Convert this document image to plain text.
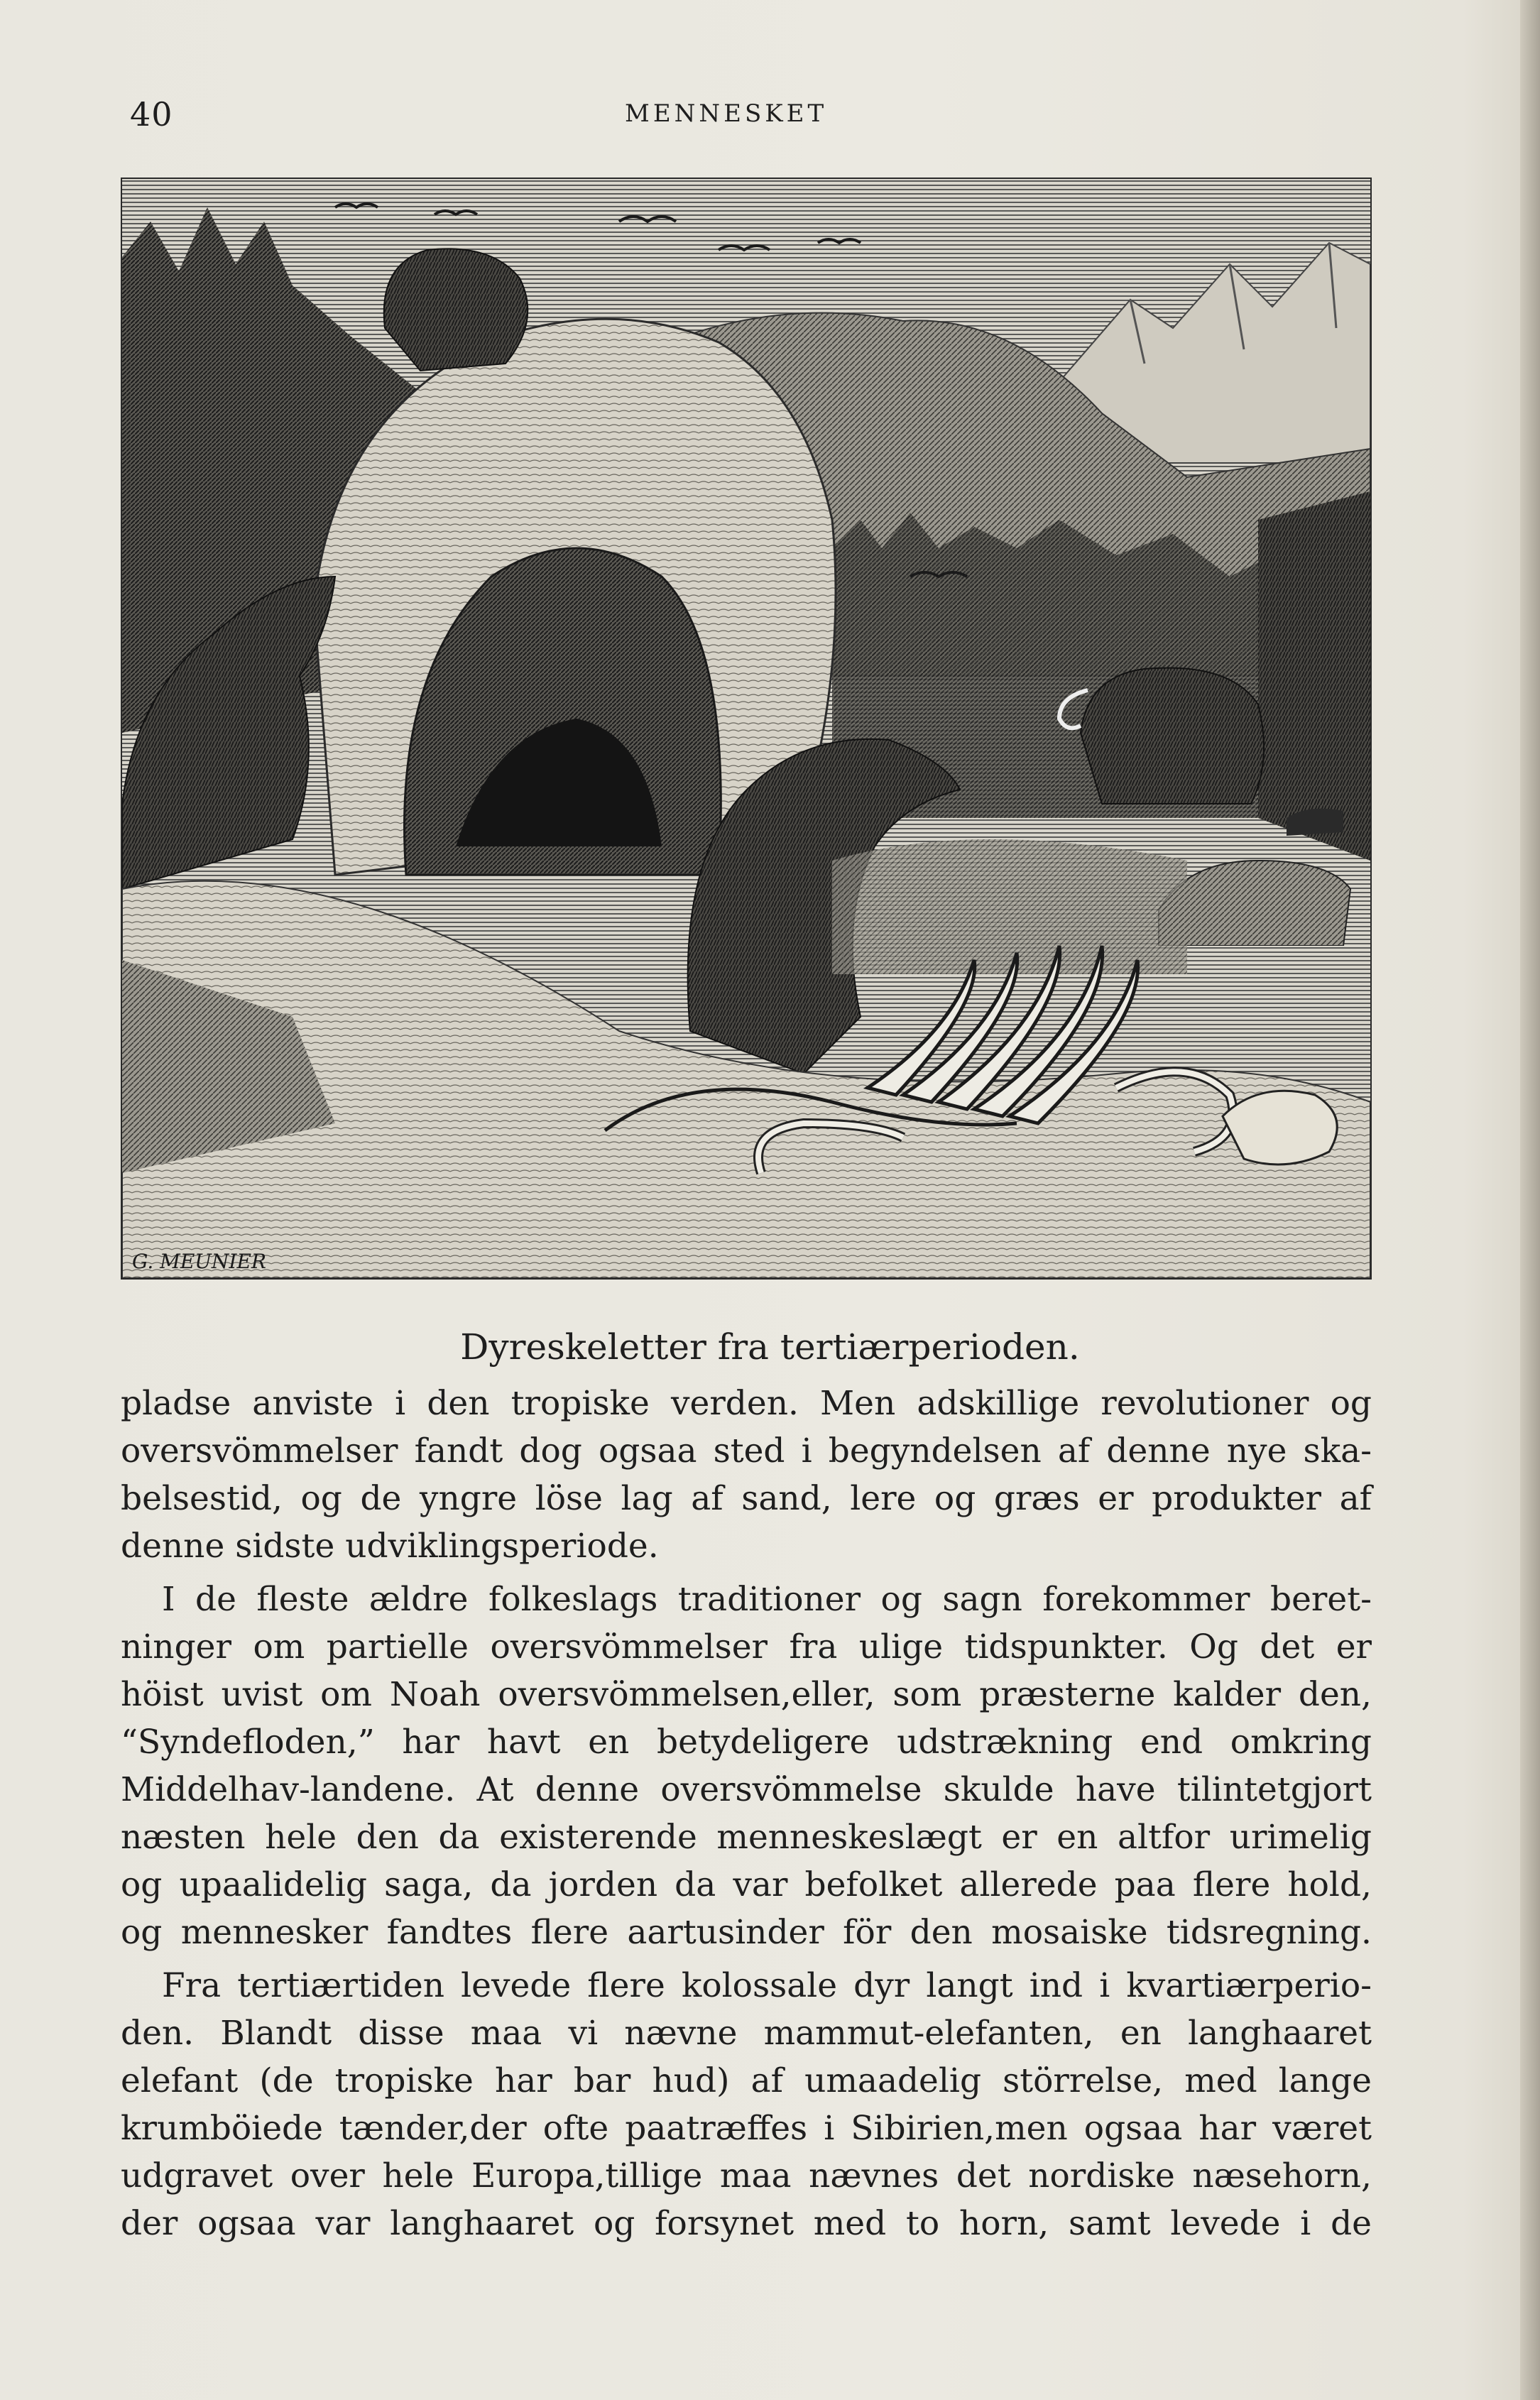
40	MENNESKET
G. MEUNIER
Dyreskeletter fra tertiærperioden.
pladse anviste i den tropiske verden. Men adskillige revolutioner og
oversvömmelser fandt dog ogsaa sted i begyndelsen af denne nye ska-
belsestid, og de yngre löse lag af sand, lere og græs er produkter af
denne sidste udviklingsperiode.
I de fleste ældre folkeslags traditioner og sagn forekommer beret-
ninger om partielle oversvömmelser fra ulige tidspunkter. Og det er
höist uvist om Noah oversvömmelsen,eller, som præsterne kalder den,
“Syndefloden,” har havt en betydeligere udstrækning end omkring
Middelhav-landene. At denne oversvömmelse skulde have tilintetgjort
næsten hele den da existerende menneskeslægt er en altfor urimelig
og upaalidelig saga, da jorden da var befolket allerede paa flere hold,
og mennesker fandtes flere aartusinder för den mosaiske tidsregning.
Fra tertiærtiden levede flere kolossale dyr langt ind i kvartiærperio-
den. Blandt disse maa vi nævne mammut-elefanten, en langhaaret
elefant (de tropiske har bar hud) af umaadelig störrelse, med lange
krumböiede tænder,der ofte paatræffes i Sibirien,men ogsaa har været
udgravet over hele Europa,tillige maa nævnes det nordiske næsehorn,
der ogsaa var langhaaret og forsynet med to horn, samt levede i de
